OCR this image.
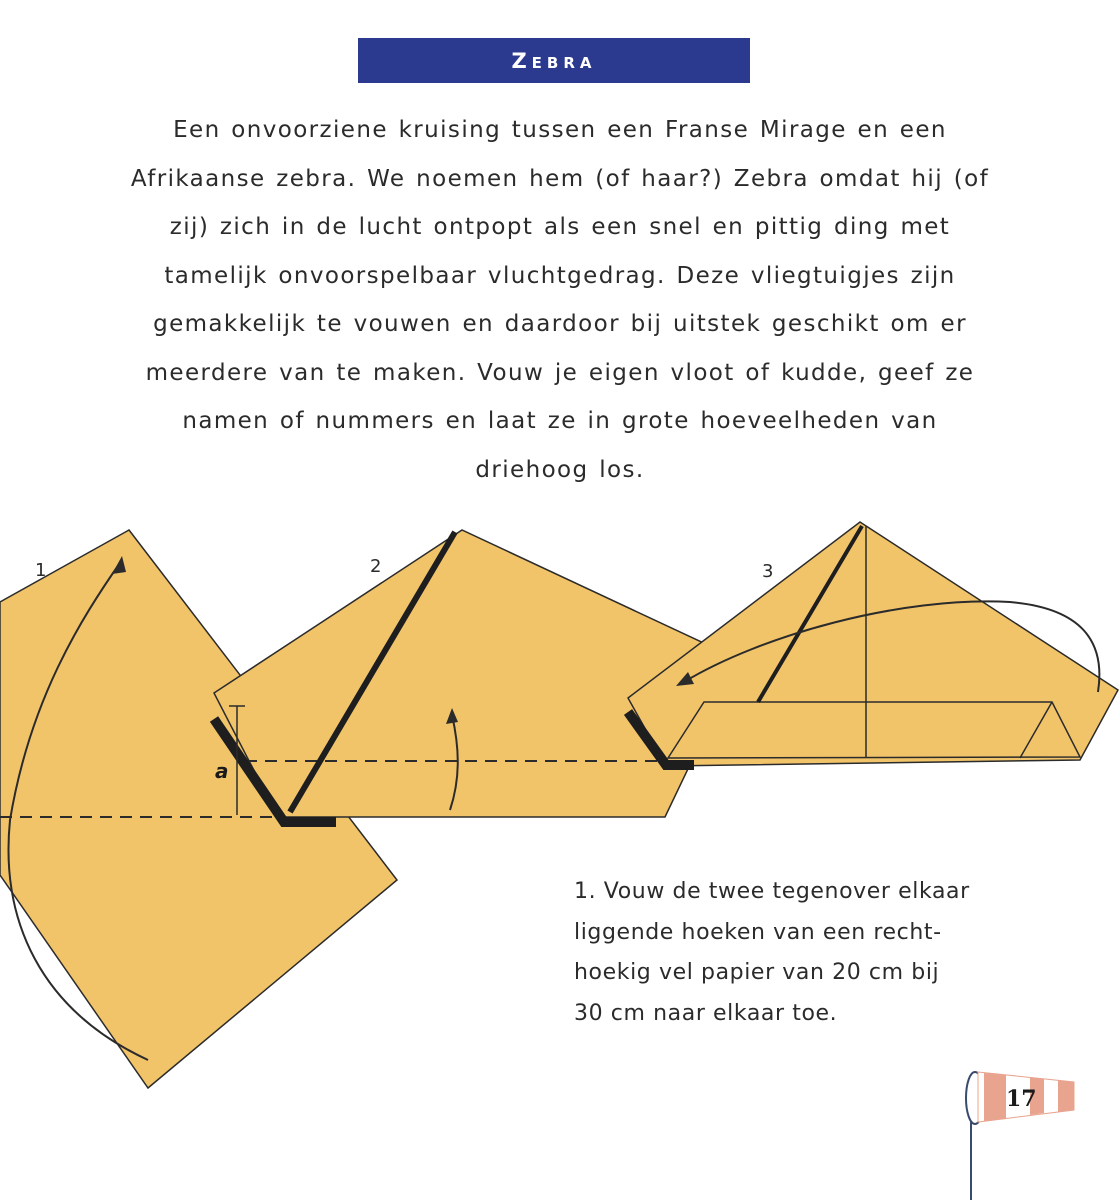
Zebra

Een onvoorziene kruising tussen een Franse Mirage en een
Afrikaanse zebra. We noemen hem (of haar?) Zebra omdat hij (of
zij) zich in de lucht ontpopt als een snel en pittig ding met
tamelijk onvoorspelbaar vluchtgedrag. Deze vliegtuigjes zijn
gemakkelijk te vouwen en daardoor bij uitstek geschikt om er
meerdere van te maken. Vouw je eigen vloot of kudde, geef ze
namen of nummers en laat ze in grote hoeveelheden van
driehoog los.

1
a
2	3
17

1. Vouw de twee tegenover elkaar
liggende hoeken van een recht-
hoekig vel papier van 20 cm bij
30 cm naar elkaar toe.
